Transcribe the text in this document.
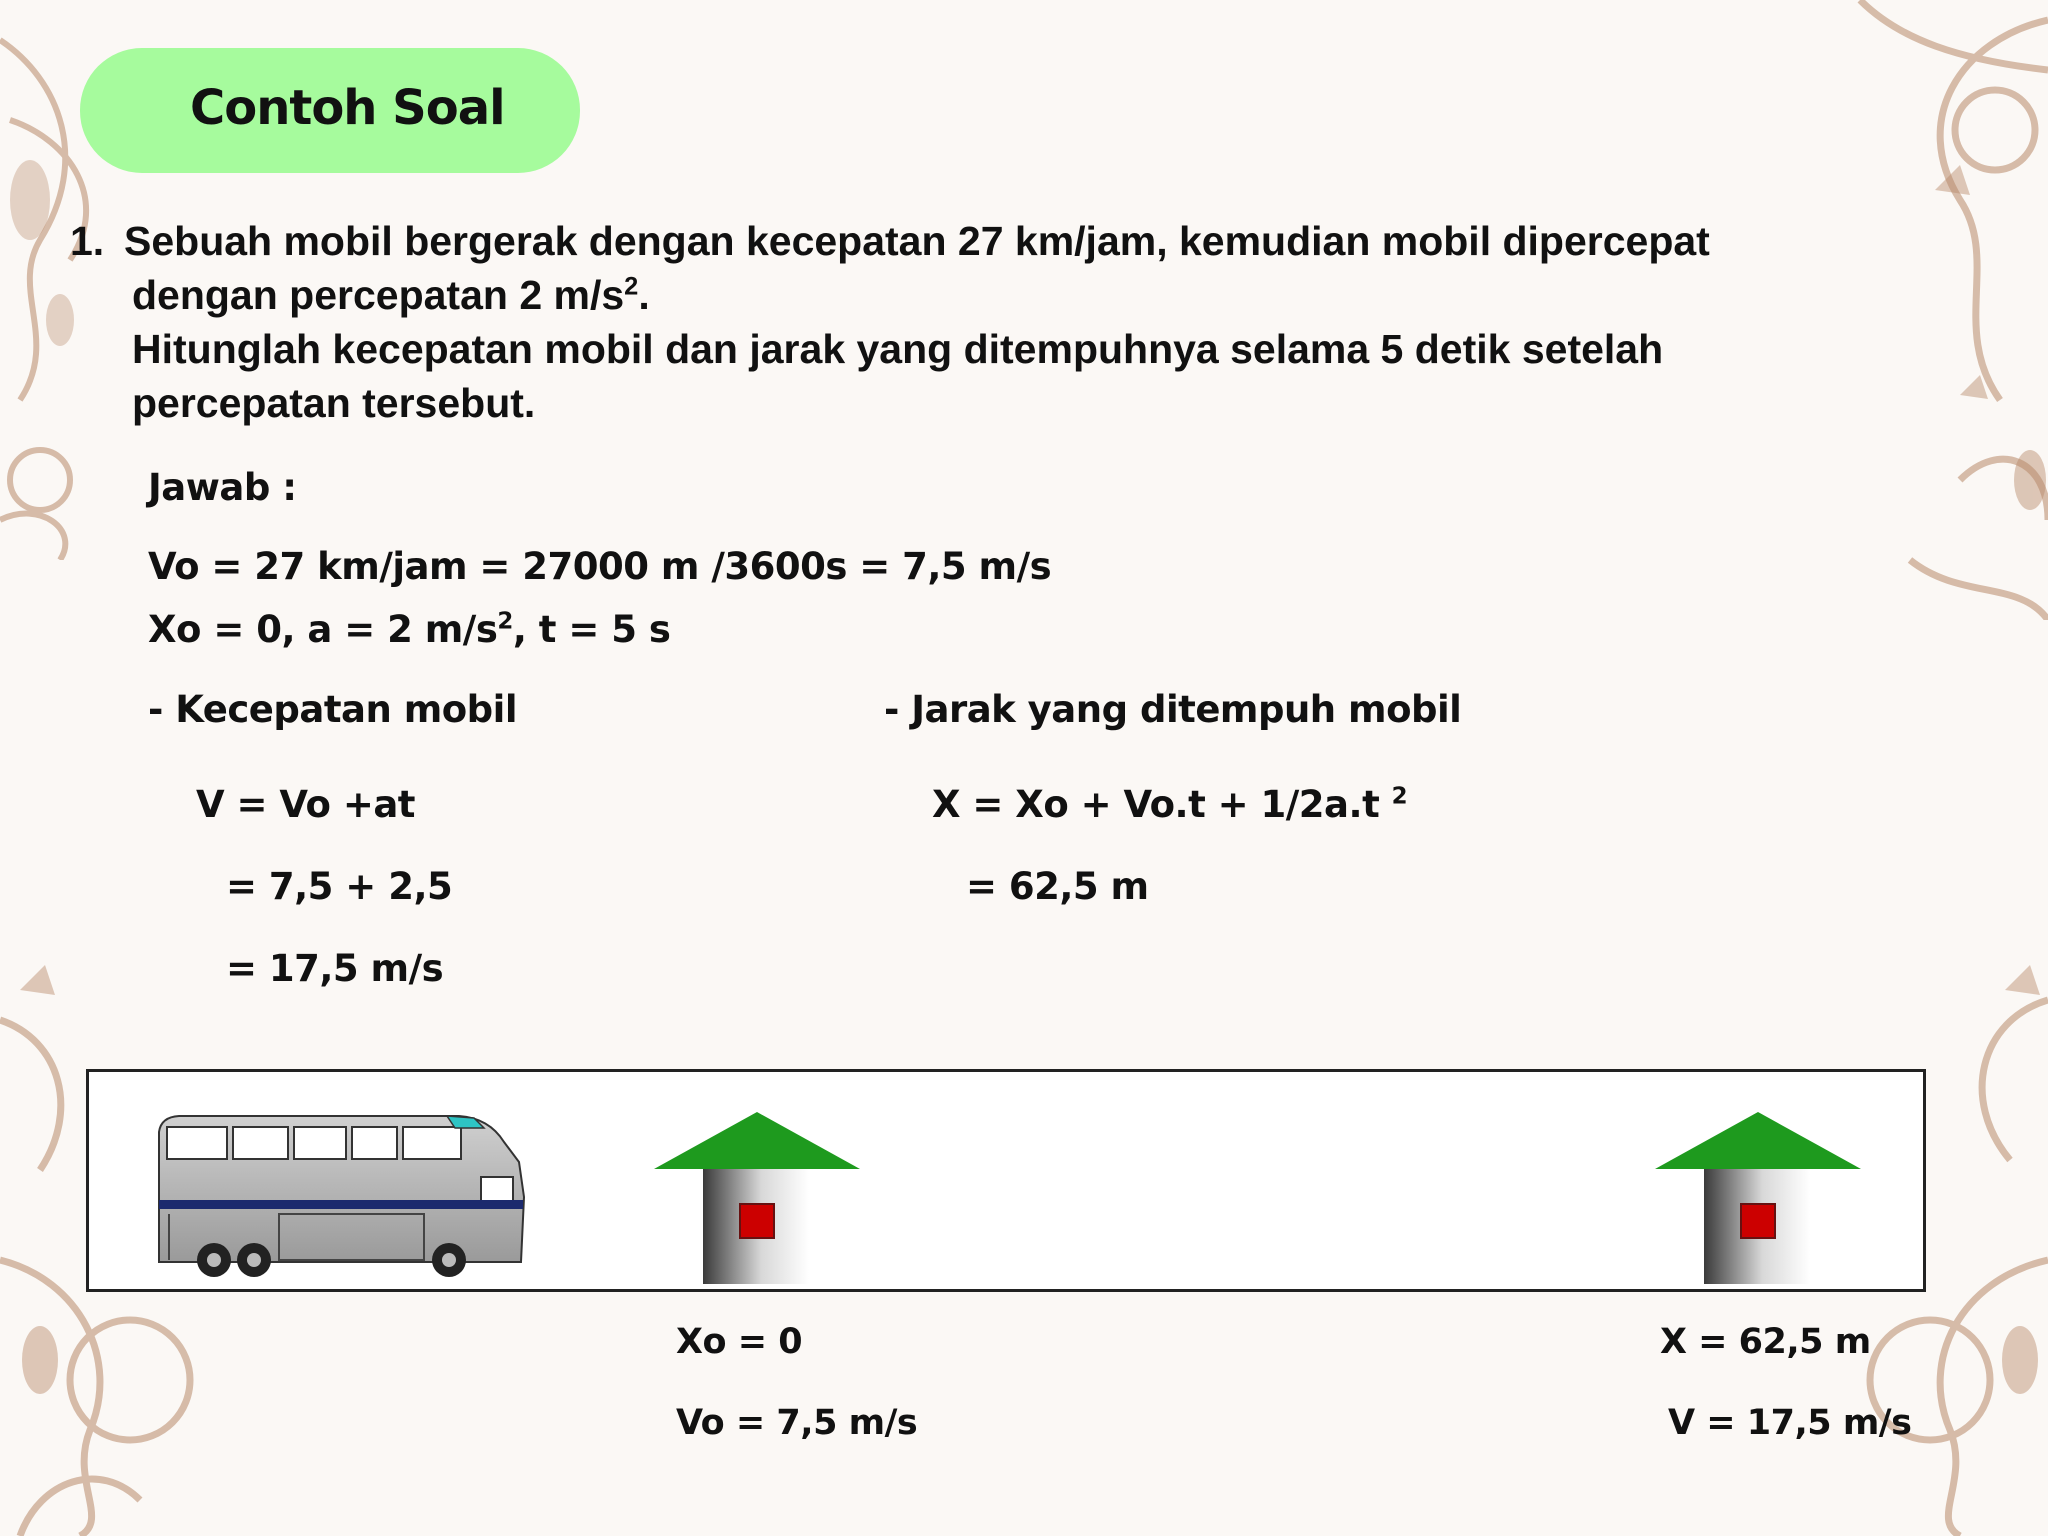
Contoh Soal
1. Sebuah mobil bergerak dengan kecepatan 27 km/jam, kemudian mobil dipercepat
dengan percepatan 2 $m/s^2$.
Hitunglah kecepatan mobil dan jarak yang ditempuhnya selama 5 detik setelah
percepatan tersebut.
Jawab :
Vo = 27 km/jam = 27000 m /3600s = 7,5 m/s
Xo = 0, a = 2 $m/s^2$, t = 5 s
- Kecepatan mobil
V = Vo +at
= 7,5 + 2,5
= 17,5 m/s
- Jarak yang ditempuh mobil
X = Xo + Vo.t + 1/2a.t $^2$
= 62,5 m
Xo = 0
Vo = 7,5 m/s
X = 62,5 m
V = 17,5 m/s
